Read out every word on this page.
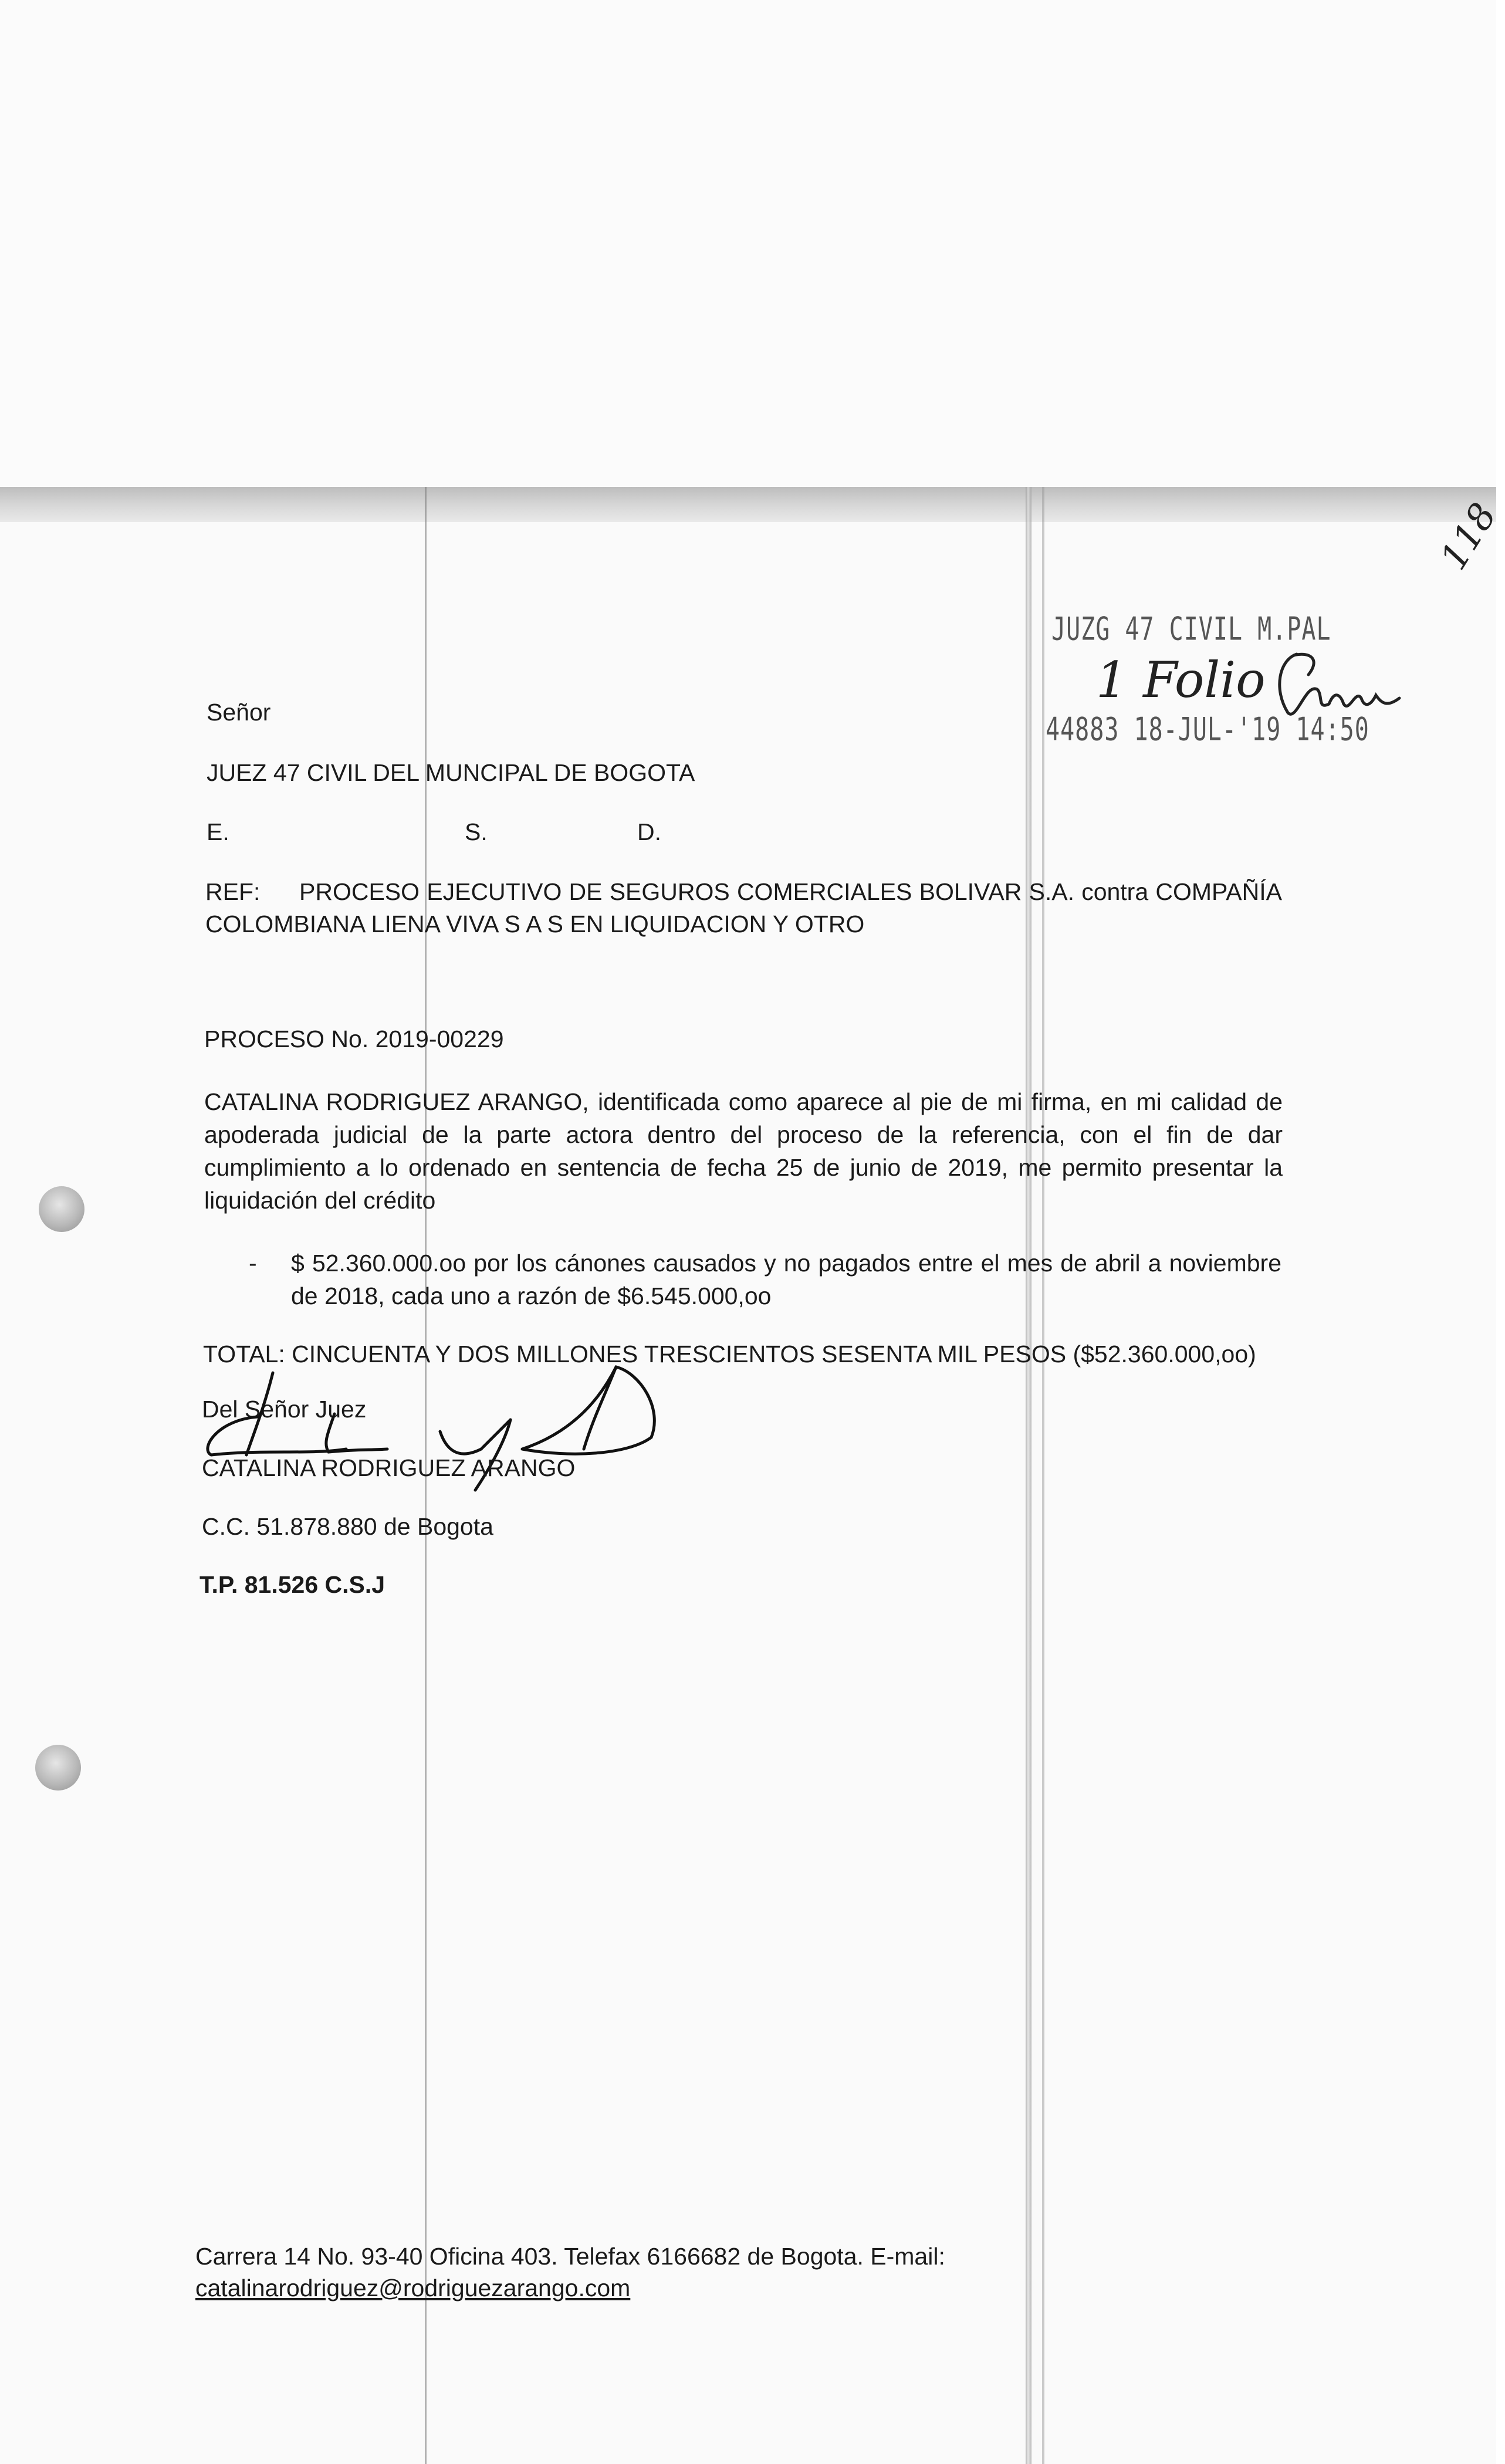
118
JUZG 47 CIVIL M.PAL
1 Folio
44883 18-JUL-'19 14:50
Señor
JUEZ 47 CIVIL DEL MUNCIPAL DE BOGOTA
E.	S.	D.
REF: PROCESO EJECUTIVO DE SEGUROS COMERCIALES BOLIVAR S.A. contra COMPAÑÍA
COLOMBIANA LIENA VIVA S A S EN LIQUIDACION Y OTRO
PROCESO No. 2019-00229
CATALINA RODRIGUEZ ARANGO, identificada como aparece al pie de mi firma, en mi calidad de apoderada judicial de la parte actora dentro del proceso de la referencia, con el fin de dar cumplimiento a lo ordenado en sentencia de fecha 25 de junio de 2019, me permito presentar la liquidación del crédito
- $ 52.360.000.oo por los cánones causados y no pagados entre el mes de abril a noviembre de 2018, cada uno a razón de $6.545.000,oo
TOTAL: CINCUENTA Y DOS MILLONES TRESCIENTOS SESENTA MIL PESOS ($52.360.000,oo)
Del Señor Juez
CATALINA RODRIGUEZ ARANGO
C.C. 51.878.880 de Bogota
T.P. 81.526 C.S.J
Carrera 14 No. 93-40 Oficina 403. Telefax 6166682 de Bogota. E-mail:
catalinarodriguez@rodriguezarango.com
